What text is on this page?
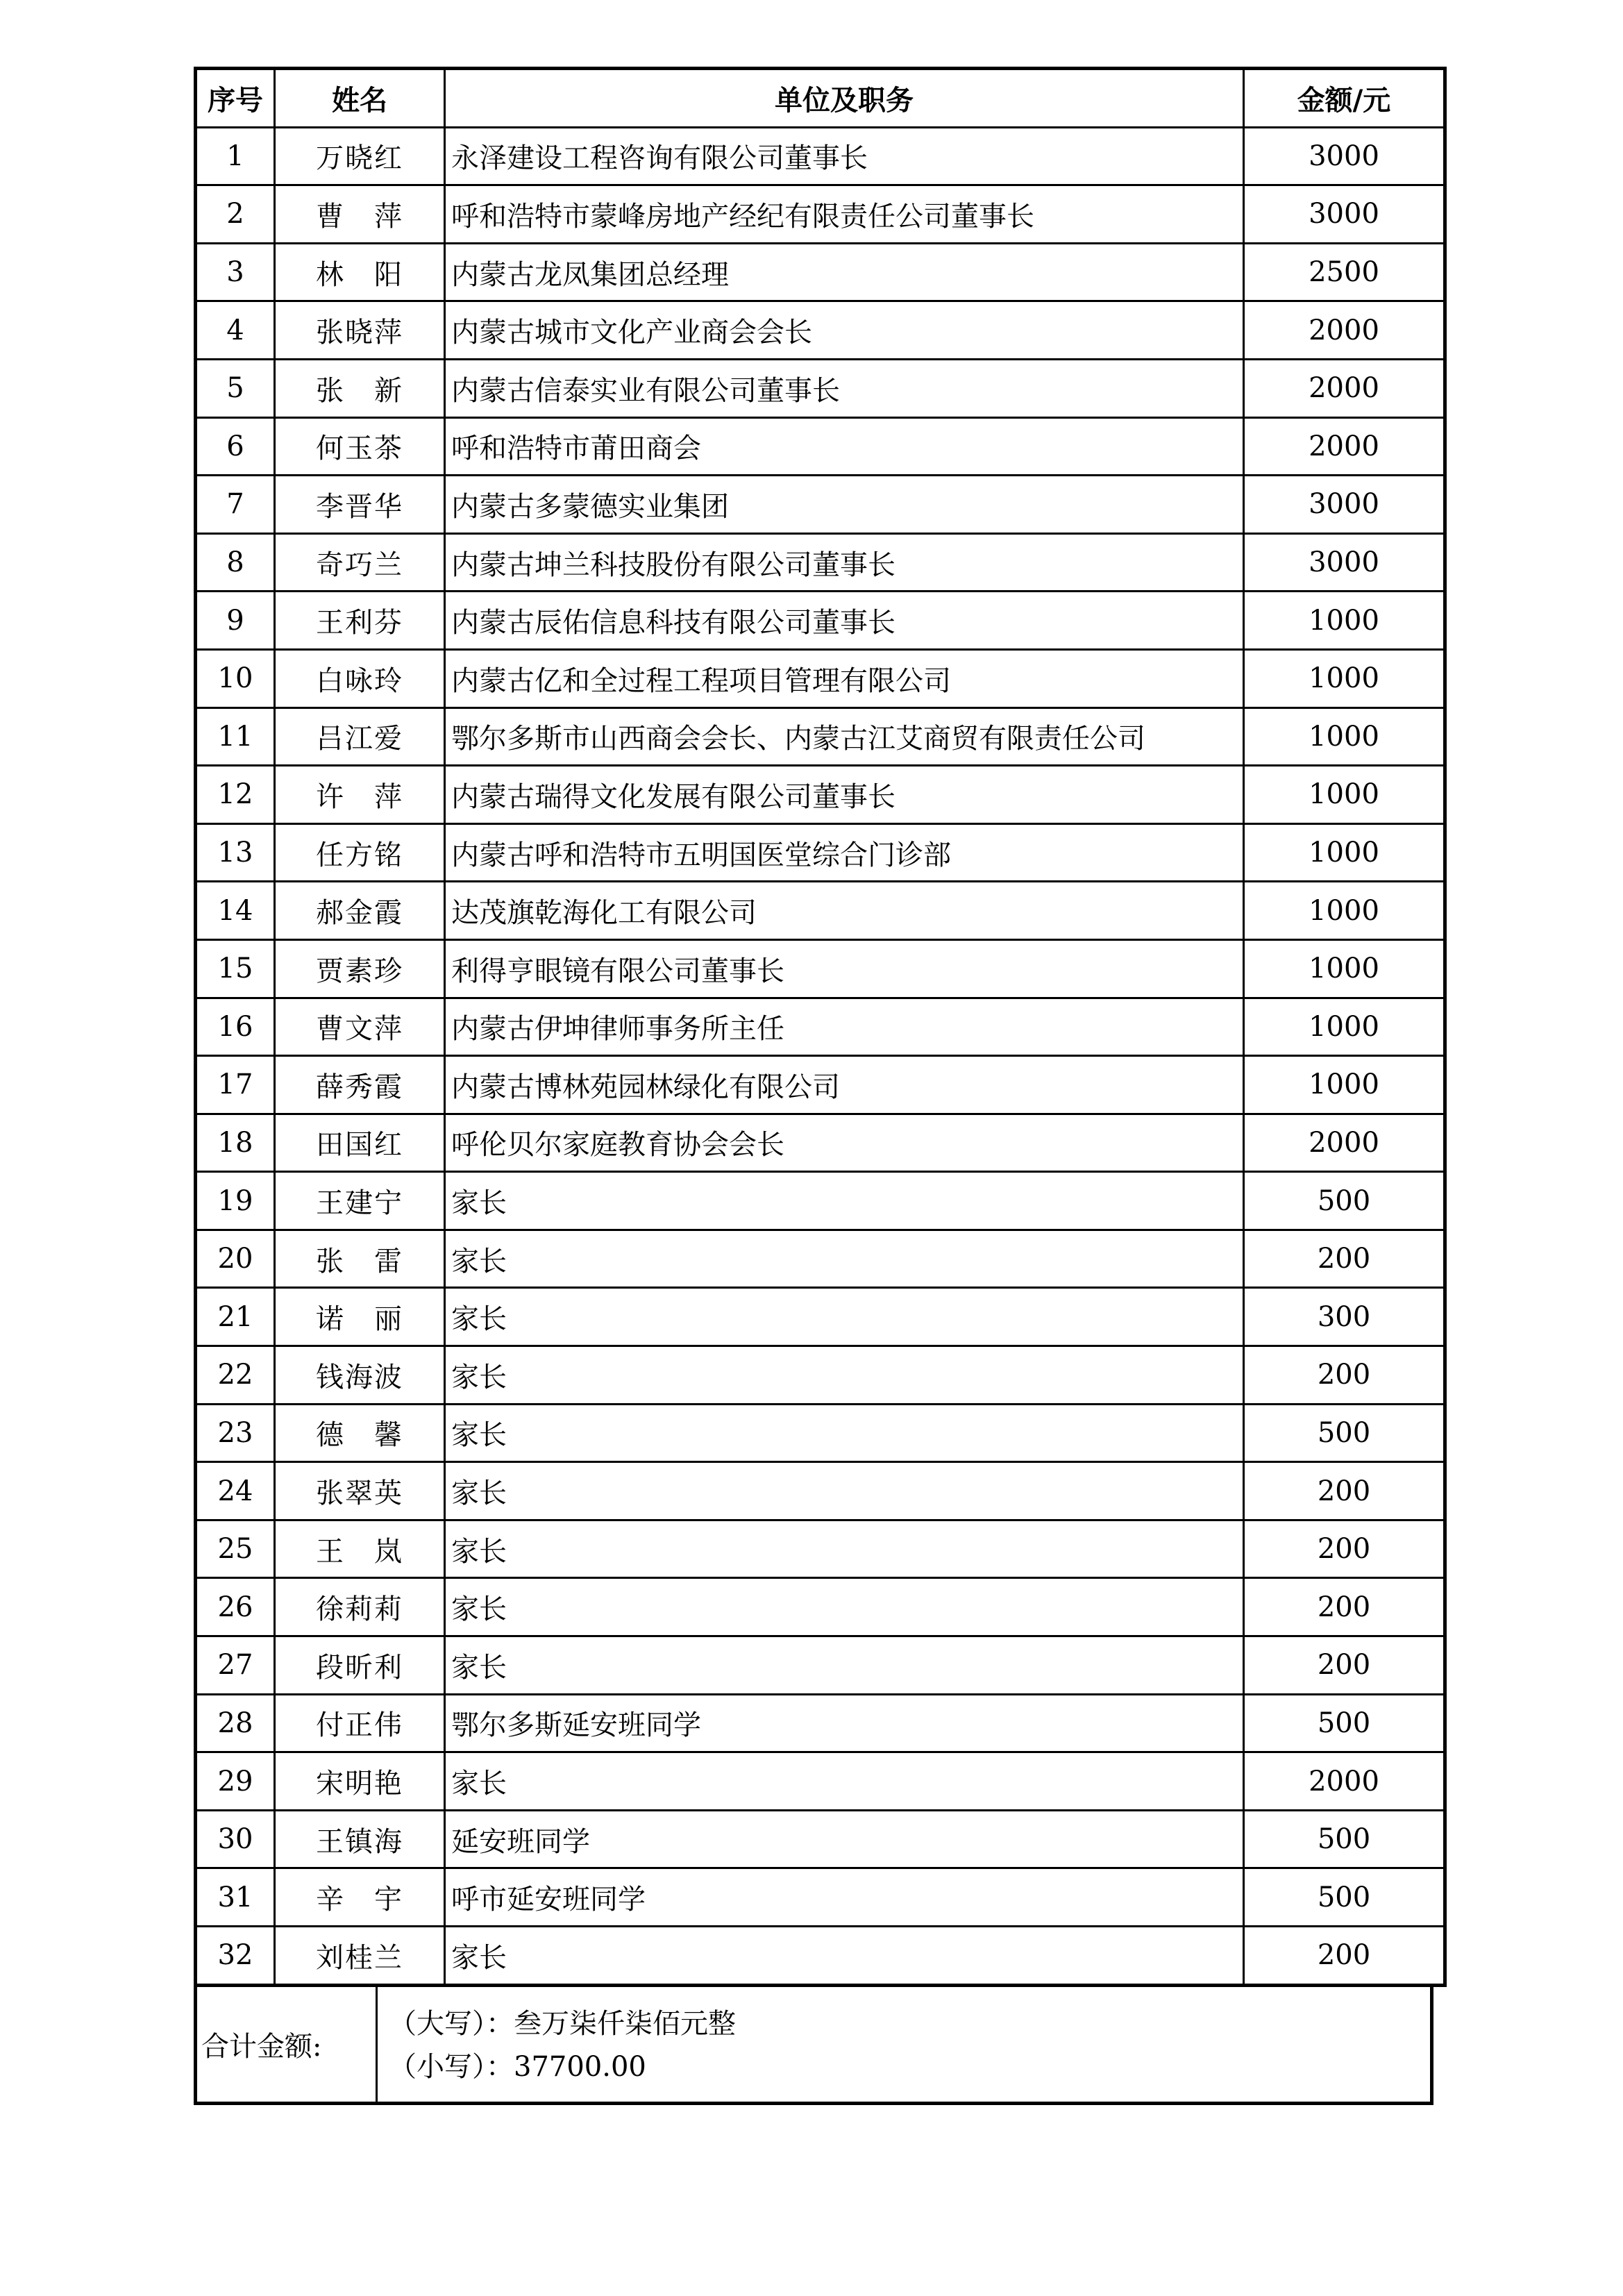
序号	姓名	单位及职务	金额/元
1	万晓红	永泽建设工程咨询有限公司董事长	3000
2	曹　萍	呼和浩特市蒙峰房地产经纪有限责任公司董事长	3000
3	林　阳	内蒙古龙凤集团总经理	2500
4	张晓萍	内蒙古城市文化产业商会会长	2000
5	张　新	内蒙古信泰实业有限公司董事长	2000
6	何玉茶	呼和浩特市莆田商会	2000
7	李晋华	内蒙古多蒙德实业集团	3000
8	奇巧兰	内蒙古坤兰科技股份有限公司董事长	3000
9	王利芬	内蒙古辰佑信息科技有限公司董事长	1000
10	白咏玲	内蒙古亿和全过程工程项目管理有限公司	1000
11	吕江爱	鄂尔多斯市山西商会会长、内蒙古江艾商贸有限责任公司	1000
12	许　萍	内蒙古瑞得文化发展有限公司董事长	1000
13	任方铭	内蒙古呼和浩特市五明国医堂综合门诊部	1000
14	郝金霞	达茂旗乾海化工有限公司	1000
15	贾素珍	利得亨眼镜有限公司董事长	1000
16	曹文萍	内蒙古伊坤律师事务所主任	1000
17	薛秀霞	内蒙古博林苑园林绿化有限公司	1000
18	田国红	呼伦贝尔家庭教育协会会长	2000
19	王建宁	家长	500
20	张　雷	家长	200
21	诺　丽	家长	300
22	钱海波	家长	200
23	德　馨	家长	500
24	张翠英	家长	200
25	王　岚	家长	200
26	徐莉莉	家长	200
27	段昕利	家长	200
28	付正伟	鄂尔多斯延安班同学	500
29	宋明艳	家长	2000
30	王镇海	延安班同学	500
31	辛　宇	呼市延安班同学	500
32	刘桂兰	家长	200
合计金额:
（大写）：叁万柒仟柒佰元整
（小写）：37700.00
